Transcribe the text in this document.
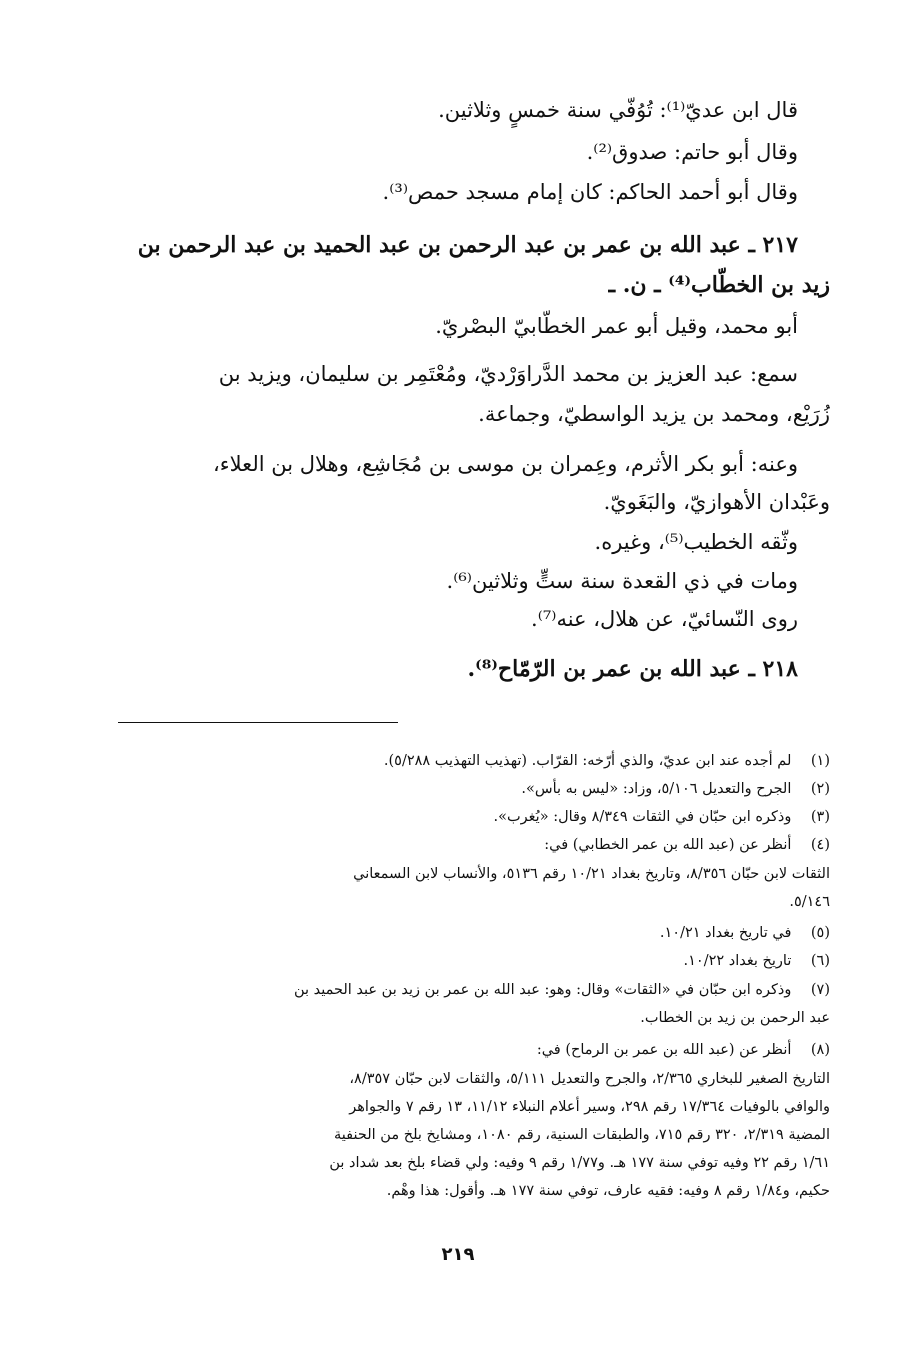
قال ابن عديّ⁽¹⁾: تُوُفّي سنة خمسٍ وثلاثين.
وقال أبو حاتم: صدوق⁽²⁾.
وقال أبو أحمد الحاكم: كان إمام مسجد حمص⁽³⁾.
٢١٧ ـ عبد الله بن عمر بن عبد الرحمن بن عبد الحميد بن عبد الرحمن بن
زيد بن الخطّاب⁽⁴⁾ ـ ن. ـ
أبو محمد، وقيل أبو عمر الخطّابيّ البصْريّ.
سمع: عبد العزيز بن محمد الدَّراوَرْديّ، ومُعْتَمِر بن سليمان، ويزيد بن
زُرَيْع، ومحمد بن يزيد الواسطيّ، وجماعة.
وعنه: أبو بكر الأثرم، وعِمران بن موسى بن مُجَاشِع، وهلال بن العلاء،
وعَبْدان الأهوازيّ، والبَغَويّ.
وثّقه الخطيب⁽⁵⁾، وغيره.
ومات في ذي القعدة سنة ستٍّ وثلاثين⁽⁶⁾.
روى النّسائيّ، عن هلال، عنه⁽⁷⁾.
٢١٨ ـ عبد الله بن عمر بن الرّمّاح⁽⁸⁾.
(١) لم أجده عند ابن عديّ، والذي أرّخه: القرّاب. (تهذيب التهذيب ٥/٢٨٨).
(٢) الجرح والتعديل ٥/١٠٦، وزاد: «ليس به بأس».
(٣) وذكره ابن حبّان في الثقات ٨/٣٤٩ وقال: «يُغرب».
(٤) أنظر عن (عبد الله بن عمر الخطابي) في:
الثقات لابن حبّان ٨/٣٥٦، وتاريخ بغداد ١٠/٢١ رقم ٥١٣٦، والأنساب لابن السمعاني
٥/١٤٦.
(٥) في تاريخ بغداد ١٠/٢١.
(٦) تاريخ بغداد ١٠/٢٢.
(٧) وذكره ابن حبّان في «الثقات» وقال: وهو: عبد الله بن عمر بن زيد بن عبد الحميد بن
عبد الرحمن بن زيد بن الخطاب.
(٨) أنظر عن (عبد الله بن عمر بن الرماح) في:
التاريخ الصغير للبخاري ٢/٣٦٥، والجرح والتعديل ٥/١١١، والثقات لابن حبّان ٨/٣٥٧،
والوافي بالوفيات ١٧/٣٦٤ رقم ٢٩٨، وسير أعلام النبلاء ١١/١٢، ١٣ رقم ٧ والجواهر
المضية ٢/٣١٩، ٣٢٠ رقم ٧١٥، والطبقات السنية، رقم ١٠٨٠، ومشايخ بلخ من الحنفية
١/٦١ رقم ٢٢ وفيه توفي سنة ١٧٧ هـ. و١/٧٧ رقم ٩ وفيه: ولي قضاء بلخ بعد شداد بن
حكيم، و١/٨٤ رقم ٨ وفيه: فقيه عارف، توفي سنة ١٧٧ هـ. وأقول: هذا وهْم.
٢١٩
